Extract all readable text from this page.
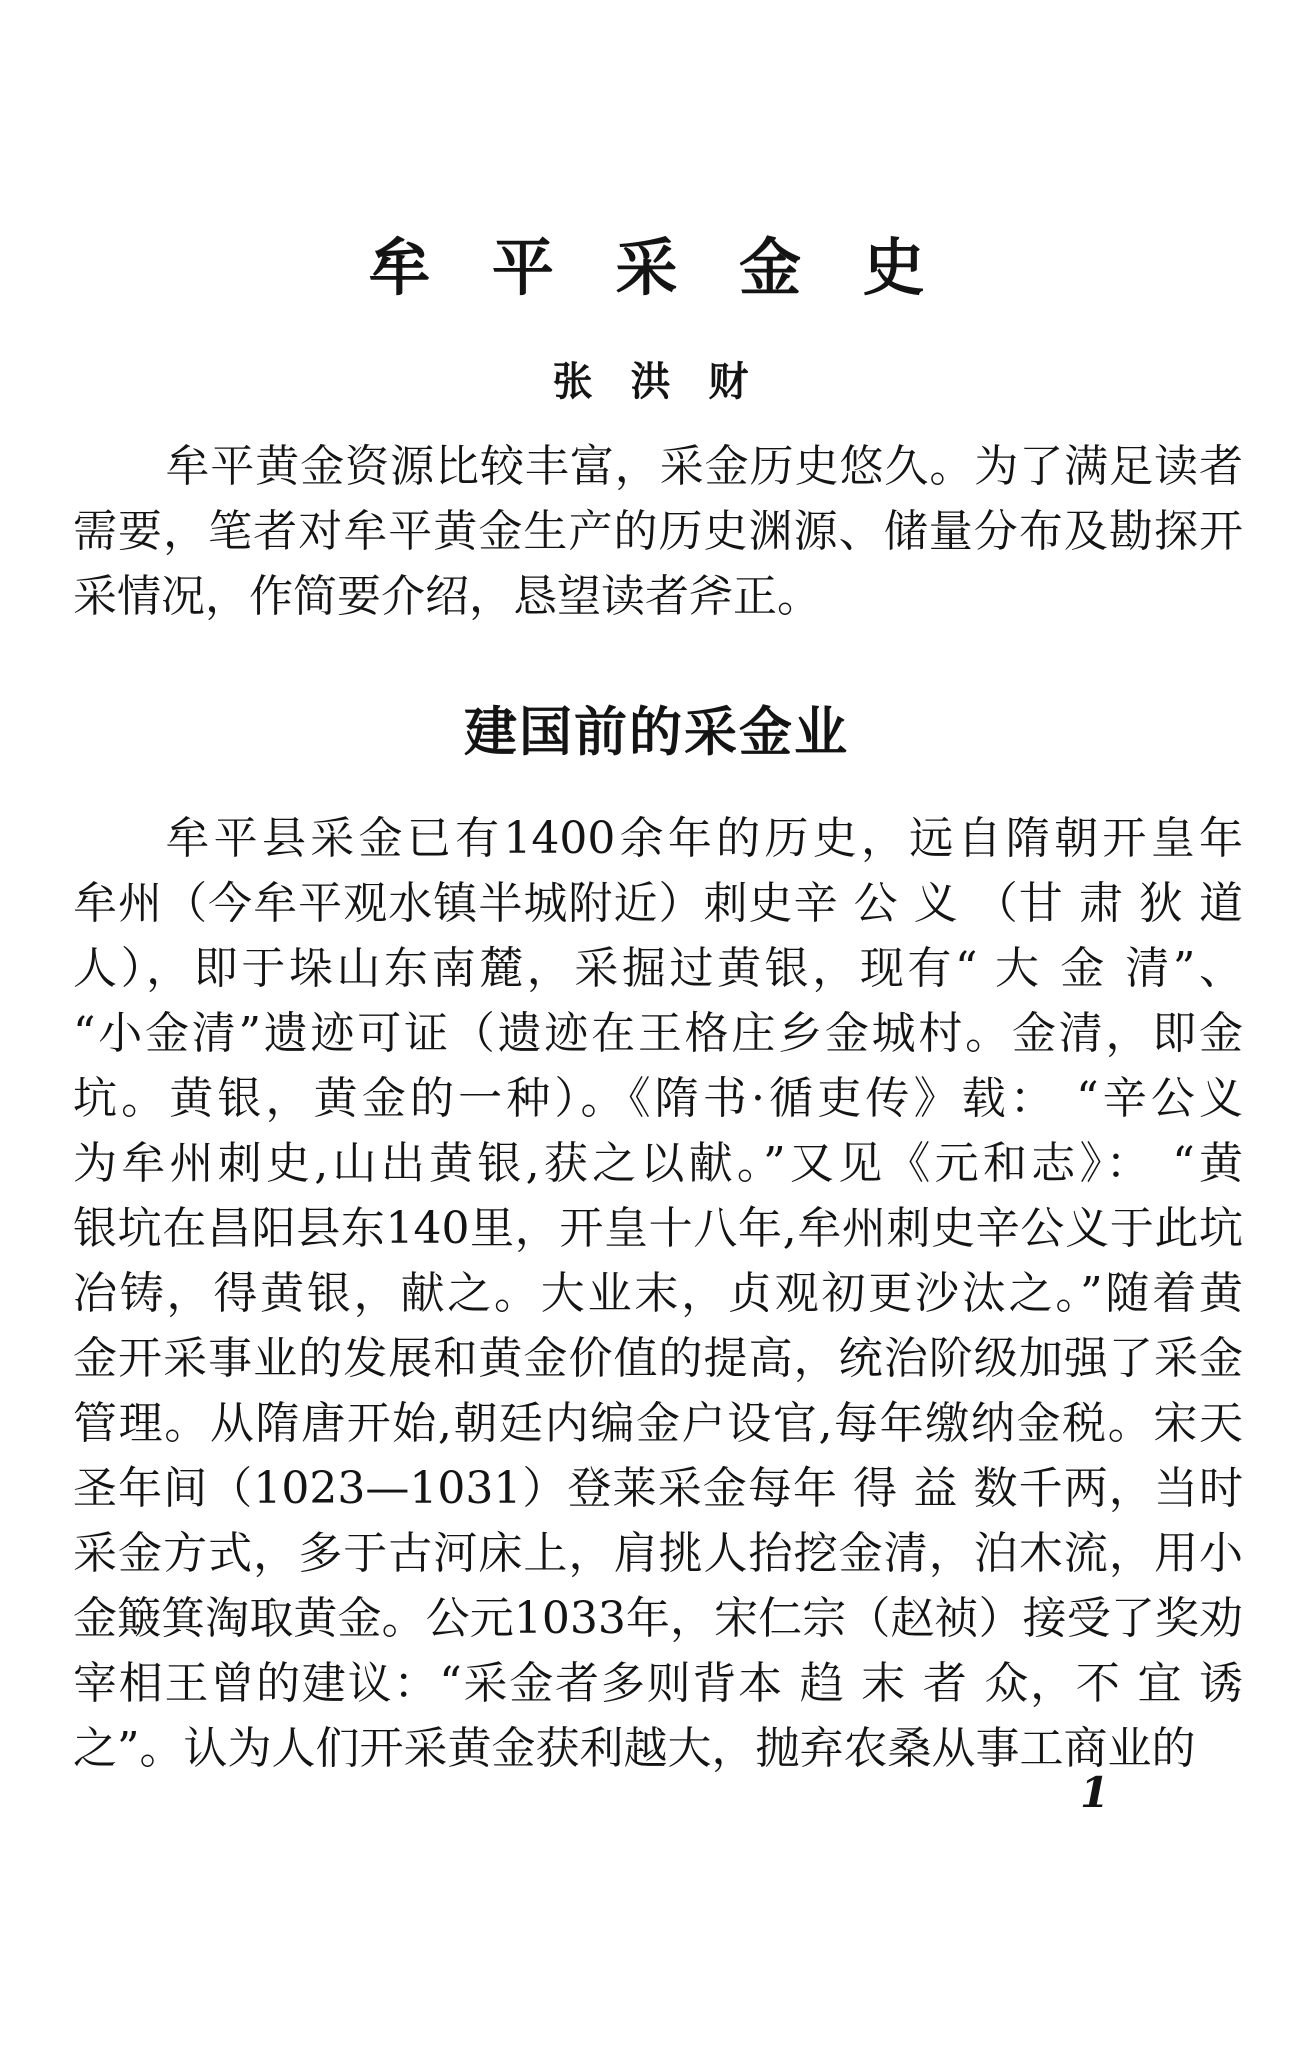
牟 平 采 金 史
张 洪 财
牟平黄金资源比较丰富，采金历史悠久。为了满足读者
需要，笔者对牟平黄金生产的历史渊源、储量分布及勘探开
采情况，作简要介绍，恳望读者斧正。
建国前的采金业
牟平县采金已有1400余年的历史，远自隋朝开皇年
牟州（今牟平观水镇半城附近）刺史辛 公 义 （甘 肃 狄 道
人），即于垛山东南麓，采掘过黄银，现有“ 大 金 清”、
“小金清”遗迹可证（遗迹在王格庄乡金城村。金清，即金
坑。黄银，黄金的一种）。《隋书·循吏传》载： “辛公义
为牟州刺史,山出黄银,获之以献。”又见《元和志》： “黄
银坑在昌阳县东140里，开皇十八年,牟州刺史辛公义于此坑
冶铸，得黄银，献之。大业末，贞观初更沙汰之。”随着黄
金开采事业的发展和黄金价值的提高，统治阶级加强了采金
管理。从隋唐开始,朝廷内编金户设官,每年缴纳金税。宋天
圣年间（1023—1031）登莱采金每年 得 益 数千两，当时
采金方式，多于古河床上，肩挑人抬挖金清，泊木流，用小
金簸箕淘取黄金。公元1033年，宋仁宗（赵祯）接受了奖劝
宰相王曾的建议：“采金者多则背本 趋 末 者 众，不 宜 诱
之”。认为人们开采黄金获利越大，抛弃农桑从事工商业的
1
